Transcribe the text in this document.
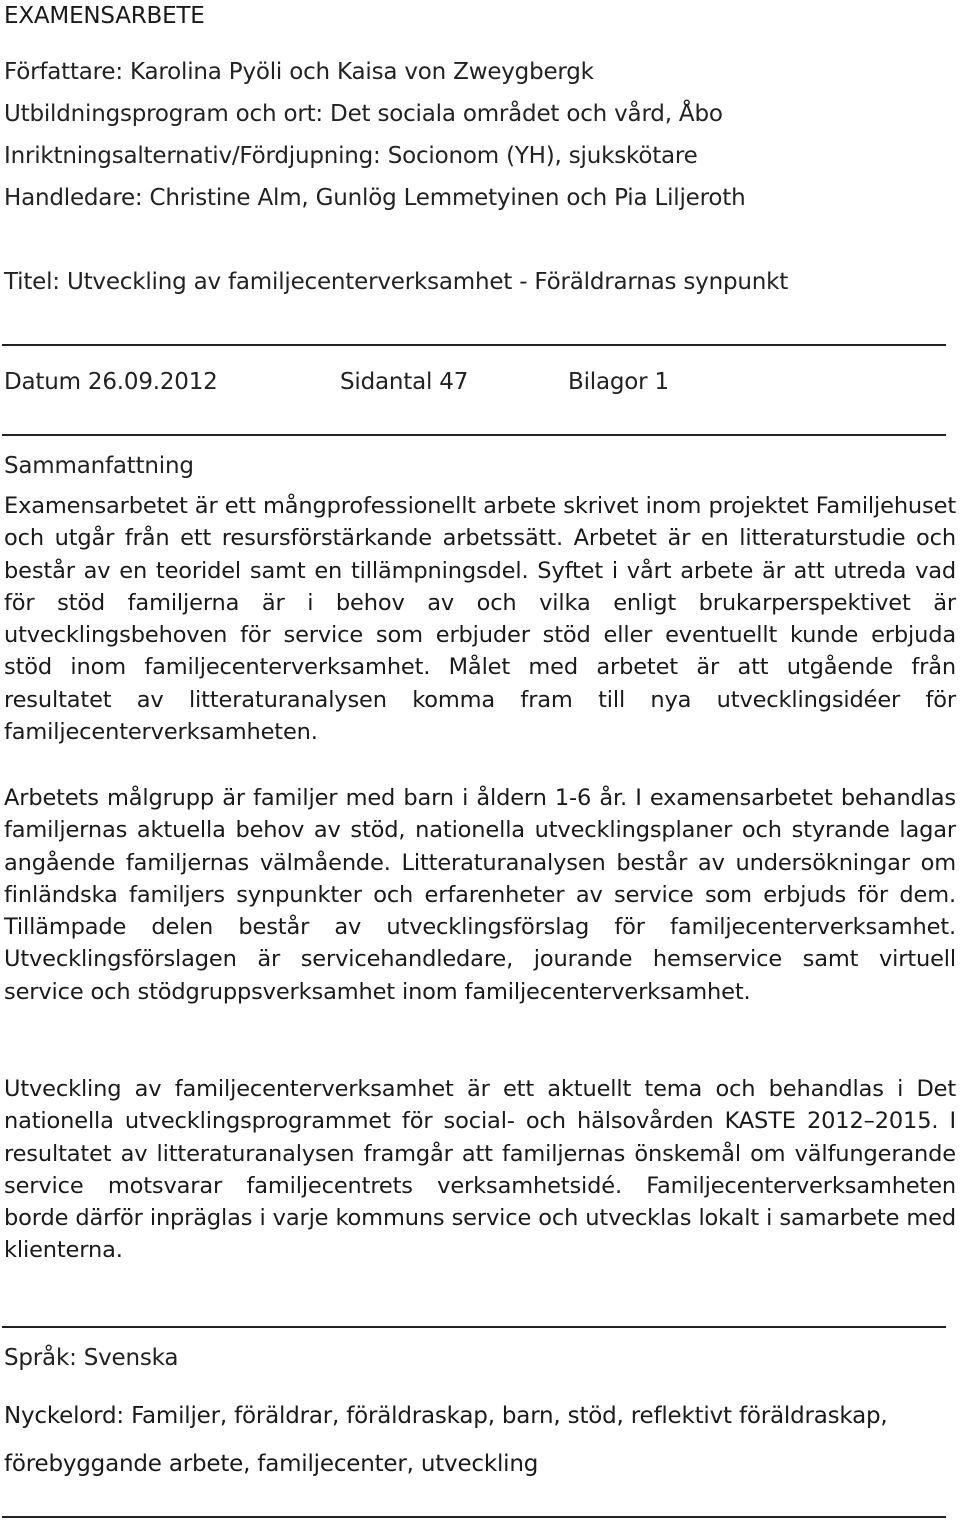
EXAMENSARBETE
Författare: Karolina Pyöli och Kaisa von Zweygbergk
Utbildningsprogram och ort: Det sociala området och vård, Åbo
Inriktningsalternativ/Fördjupning: Socionom (YH), sjukskötare
Handledare: Christine Alm, Gunlög Lemmetyinen och Pia Liljeroth
Titel: Utveckling av familjecenterverksamhet - Föräldrarnas synpunkt
Datum 26.09.2012	Sidantal 47	Bilagor 1
Sammanfattning

Examensarbetet är ett mångprofessionellt arbete skrivet inom projektet Familjehuset och utgår från ett resursförstärkande arbetssätt. Arbetet är en litteraturstudie och består av en teoridel samt en tillämpningsdel. Syftet i vårt arbete är att utreda vad för stöd familjerna är i behov av och vilka enligt brukarperspektivet är utvecklingsbehoven för service som erbjuder stöd eller eventuellt kunde erbjuda stöd inom familjecenterverksamhet. Målet med arbetet är att utgående från resultatet av litteraturanalysen komma fram till nya utvecklingsidéer för familjecenterverksamheten.

Arbetets målgrupp är familjer med barn i åldern 1-6 år. I examensarbetet behandlas familjernas aktuella behov av stöd, nationella utvecklingsplaner och styrande lagar angående familjernas välmående. Litteraturanalysen består av undersökningar om finländska familjers synpunkter och erfarenheter av service som erbjuds för dem. Tillämpade delen består av utvecklingsförslag för familjecenterverksamhet. Utvecklingsförslagen är servicehandledare, jourande hemservice samt virtuell service och stödgruppsverksamhet inom familjecenterverksamhet.

Utveckling av familjecenterverksamhet är ett aktuellt tema och behandlas i Det nationella utvecklingsprogrammet för social- och hälsovården KASTE 2012–2015. I resultatet av litteraturanalysen framgår att familjernas önskemål om välfungerande service motsvarar familjecentrets verksamhetsidé. Familjecenterverksamheten borde därför inpräglas i varje kommuns service och utvecklas lokalt i samarbete med klienterna.

Språk: Svenska

Nyckelord: Familjer, föräldrar, föräldraskap, barn, stöd, reflektivt föräldraskap, förebyggande arbete, familjecenter, utveckling
